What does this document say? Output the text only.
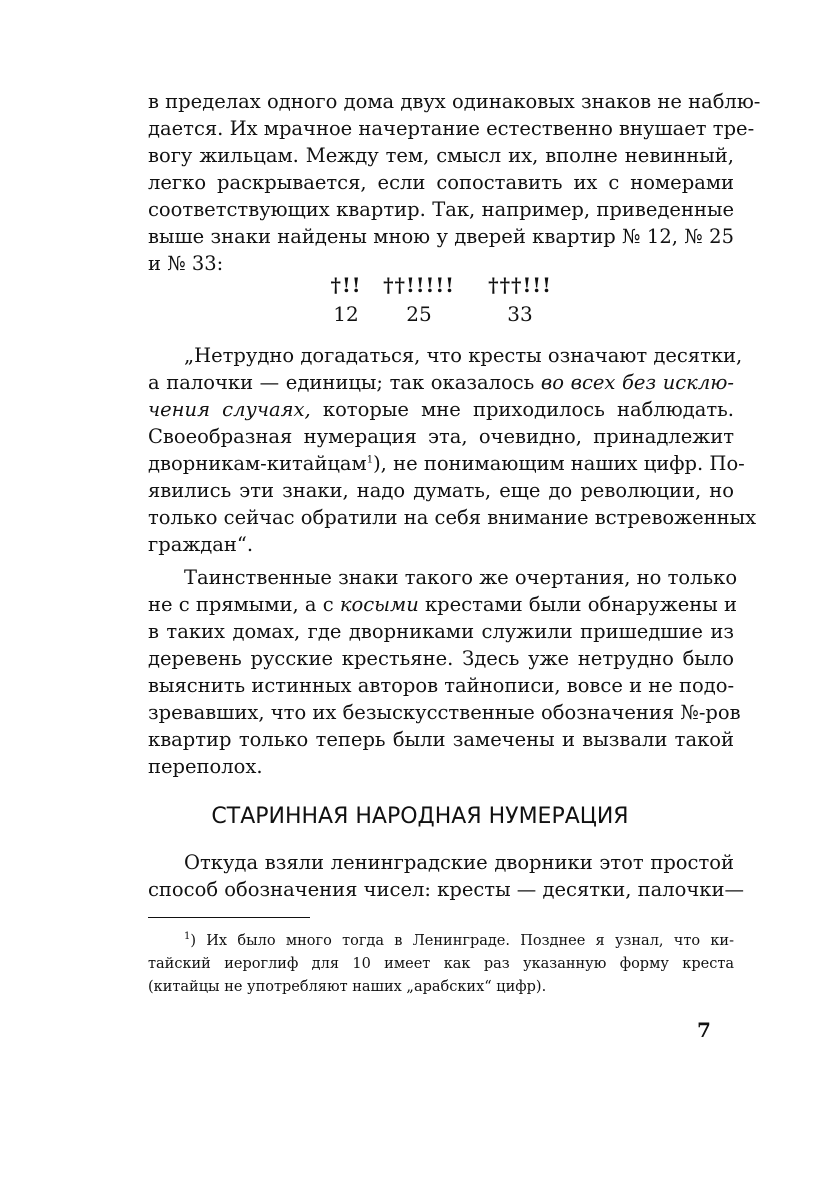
в пределах одного дома двух одинаковых знаков не наблю-
дается. Их мрачное начертание естественно внушает тре-
вогу жильцам. Между тем, смысл их, вполне невинный,
легко раскрывается, если сопоставить их с номерами
соответствующих квартир. Так, например, приведенные
выше знаки найдены мною у дверей квартир № 12, № 25
и № 33:
†!!
12
††!!!!!
25
†††!!!
33
„Нетрудно догадаться, что кресты означают десятки,
а палочки — единицы; так оказалось во всех без исклю-
чения случаях, которые мне приходилось наблюдать.
Своеобразная нумерация эта, очевидно, принадлежит
дворникам-китайцам$^1$), не понимающим наших цифр. По-
явились эти знаки, надо думать, еще до революции, но
только сейчас обратили на себя внимание встревоженных
граждан“.
Таинственные знаки такого же очертания, но только
не с прямыми, а с косыми крестами были обнаружены и
в таких домах, где дворниками служили пришедшие из
деревень русские крестьяне. Здесь уже нетрудно было
выяснить истинных авторов тайнописи, вовсе и не подо-
зревавших, что их безыскусственные обозначения №-ров
квартир только теперь были замечены и вызвали такой
переполох.
СТАРИННАЯ НАРОДНАЯ НУМЕРАЦИЯ
Откуда взяли ленинградские дворники этот простой
способ обозначения чисел: кресты — десятки, палочки—
$^1$) Их было много тогда в Ленинграде. Позднее я узнал, что ки-
тайский иероглиф для 10 имеет как раз указанную форму креста
(китайцы не употребляют наших „арабских“ цифр).
7
